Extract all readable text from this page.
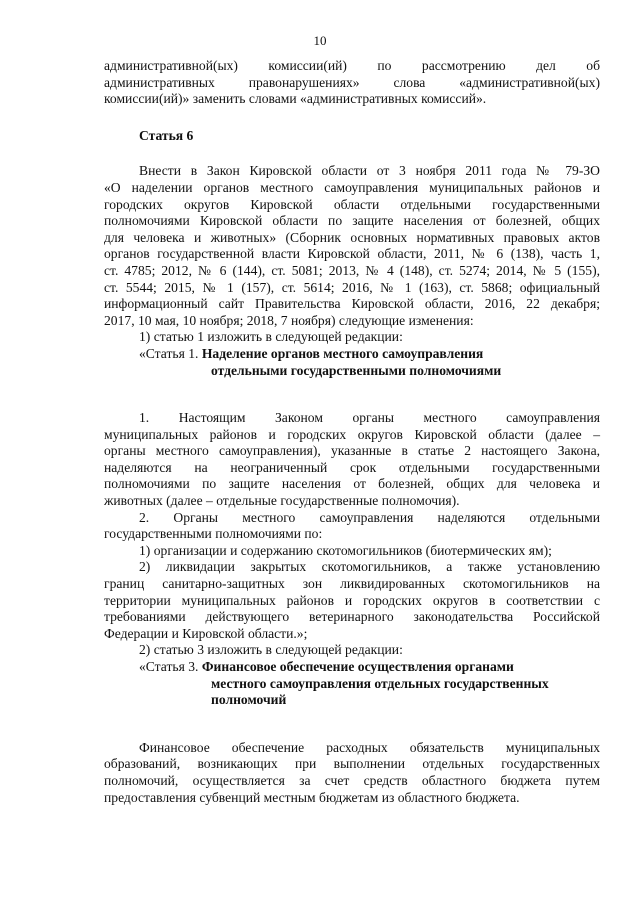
10
административной(ых) комиссии(ий) по рассмотрению дел об
административных правонарушениях» слова «административной(ых)
комиссии(ий)» заменить словами «административных комиссий».
Статья 6
Внести в Закон Кировской области от 3 ноября 2011 года № 79-ЗО
«О наделении органов местного самоуправления муниципальных районов и
городских округов Кировской области отдельными государственными
полномочиями Кировской области по защите населения от болезней, общих
для человека и животных» (Сборник основных нормативных правовых актов
органов государственной власти Кировской области, 2011, № 6 (138), часть 1,
ст. 4785; 2012, № 6 (144), ст. 5081; 2013, № 4 (148), ст. 5274; 2014, № 5 (155),
ст. 5544; 2015, № 1 (157), ст. 5614; 2016, № 1 (163), ст. 5868; официальный
информационный сайт Правительства Кировской области, 2016, 22 декабря;
2017, 10 мая, 10 ноября; 2018, 7 ноября) следующие изменения:
1) статью 1 изложить в следующей редакции:
«Статья 1. Наделение органов местного самоуправления
отдельными государственными полномочиями
1. Настоящим Законом органы местного самоуправления
муниципальных районов и городских округов Кировской области (далее –
органы местного самоуправления), указанные в статье 2 настоящего Закона,
наделяются на неограниченный срок отдельными государственными
полномочиями по защите населения от болезней, общих для человека и
животных (далее – отдельные государственные полномочия).
2. Органы местного самоуправления наделяются отдельными
государственными полномочиями по:
1) организации и содержанию скотомогильников (биотермических ям);
2) ликвидации закрытых скотомогильников, а также установлению
границ санитарно-защитных зон ликвидированных скотомогильников на
территории муниципальных районов и городских округов в соответствии с
требованиями действующего ветеринарного законодательства Российской
Федерации и Кировской области.»;
2) статью 3 изложить в следующей редакции:
«Статья 3. Финансовое обеспечение осуществления органами
местного самоуправления отдельных государственных
полномочий
Финансовое обеспечение расходных обязательств муниципальных
образований, возникающих при выполнении отдельных государственных
полномочий, осуществляется за счет средств областного бюджета путем
предоставления субвенций местным бюджетам из областного бюджета.
